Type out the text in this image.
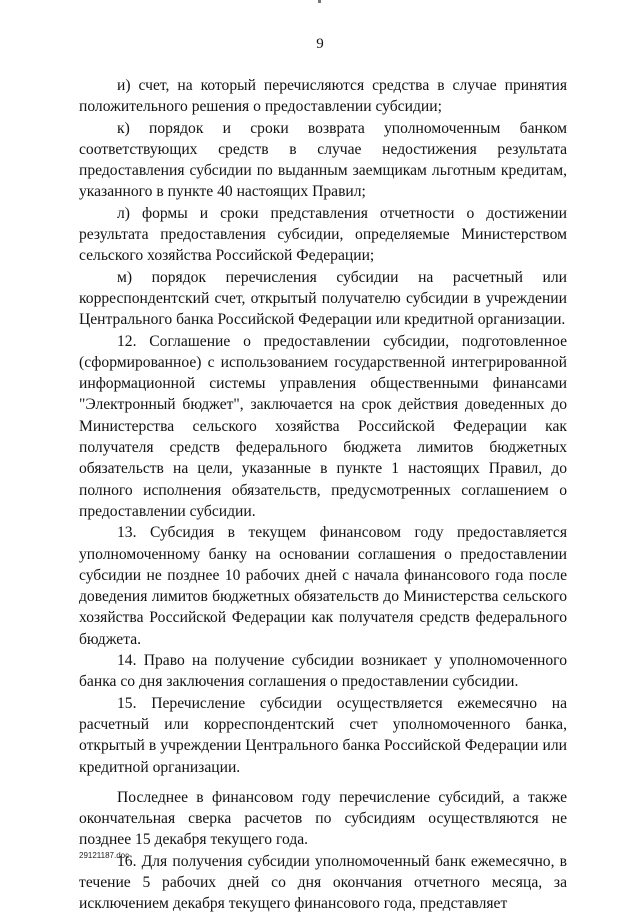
9

и) счет, на который перечисляются средства в случае принятия положительного решения о предоставлении субсидии;

к) порядок и сроки возврата уполномоченным банком соответствующих средств в случае недостижения результата предоставления субсидии по выданным заемщикам льготным кредитам, указанного в пункте 40 настоящих Правил;

л) формы и сроки представления отчетности о достижении результата предоставления субсидии, определяемые Министерством сельского хозяйства Российской Федерации;

м) порядок перечисления субсидии на расчетный или корреспондентский счет, открытый получателю субсидии в учреждении Центрального банка Российской Федерации или кредитной организации.

12. Соглашение о предоставлении субсидии, подготовленное (сформированное) с использованием государственной интегрированной информационной системы управления общественными финансами "Электронный бюджет", заключается на срок действия доведенных до Министерства сельского хозяйства Российской Федерации как получателя средств федерального бюджета лимитов бюджетных обязательств на цели, указанные в пункте 1 настоящих Правил, до полного исполнения обязательств, предусмотренных соглашением о предоставлении субсидии.

13. Субсидия в текущем финансовом году предоставляется уполномоченному банку на основании соглашения о предоставлении субсидии не позднее 10 рабочих дней с начала финансового года после доведения лимитов бюджетных обязательств до Министерства сельского хозяйства Российской Федерации как получателя средств федерального бюджета.

14. Право на получение субсидии возникает у уполномоченного банка со дня заключения соглашения о предоставлении субсидии.

15. Перечисление субсидии осуществляется ежемесячно на расчетный или корреспондентский счет уполномоченного банка, открытый в учреждении Центрального банка Российской Федерации или кредитной организации.

Последнее в финансовом году перечисление субсидий, а также окончательная сверка расчетов по субсидиям осуществляются не позднее 15 декабря текущего года.

16. Для получения субсидии уполномоченный банк ежемесячно, в течение 5 рабочих дней со дня окончания отчетного месяца, за исключением декабря текущего финансового года, представляет

29121187.doc
